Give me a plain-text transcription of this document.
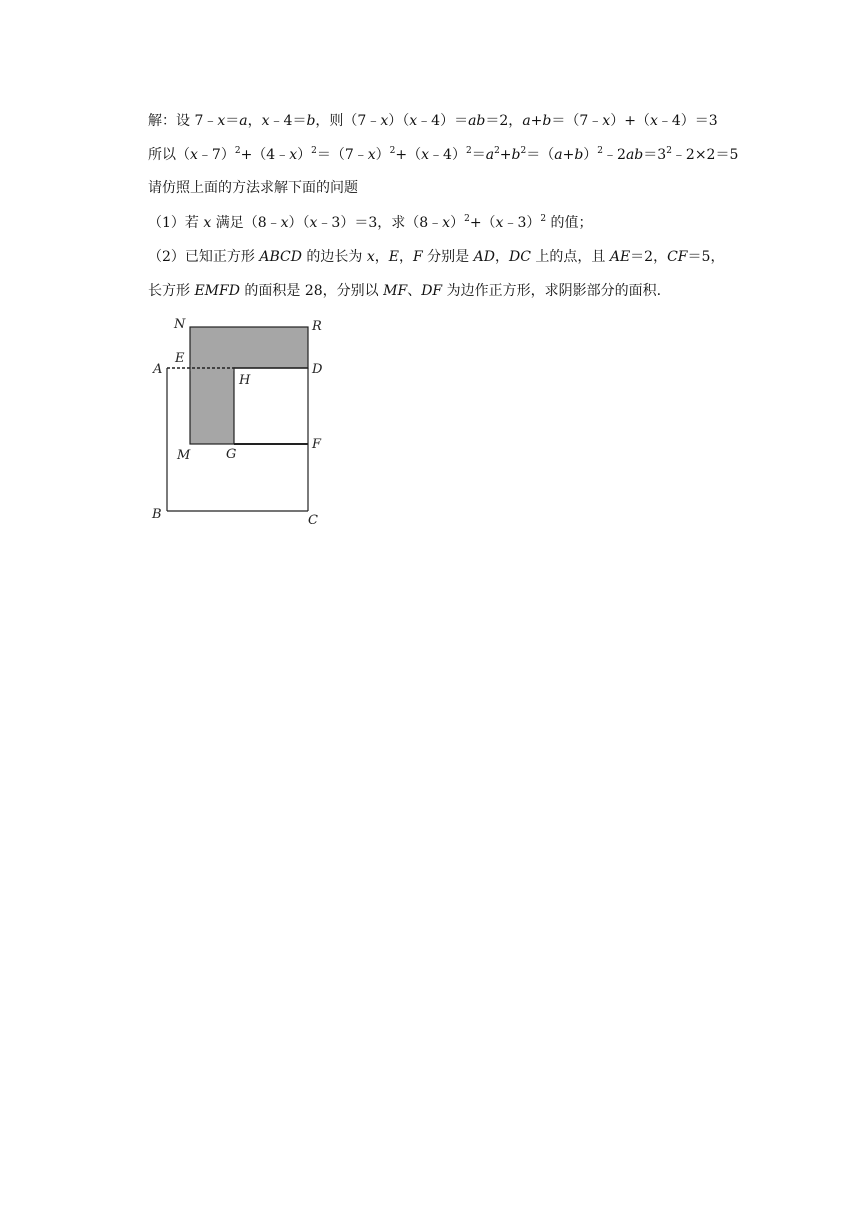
解：设 7﹣x＝a，x﹣4＝b，则（7﹣x）（x﹣4）＝ab＝2，a+b＝（7﹣x）+（x﹣4）＝3

所以$(x﹣7)^2+(4﹣x)^2=(7﹣x)^2+(x﹣4)^2=a^2+b^2=(a+b)^2﹣2ab=3^2﹣2\times 2=5$

请仿照上面的方法求解下面的问题

（1）若 x 满足（8﹣x）（x﹣3）＝3，求（8﹣x）$^2$+（x﹣3）$^2$ 的值；

（2）已知正方形 ABCD 的边长为 x，E，F 分别是 AD，DC 上的点，且 AE＝2，CF＝5，

长方形 EMFD 的面积是 28，分别以 MF、DF 为边作正方形，求阴影部分的面积.

N	R
A
E
D
H
M	G
F
B	C
